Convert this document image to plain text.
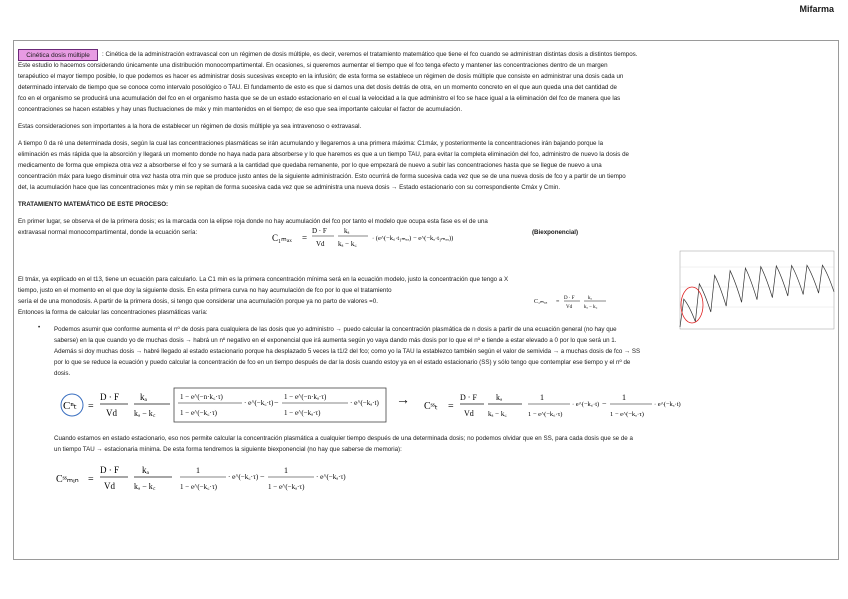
Mifarma
Cinética dosis múltiple	: Cinética de la administración extravascal con un régimen de dosis múltiple, es decir, veremos el tratamiento matemático que tiene el fco cuando se administran distintas dosis a distintos tiempos.
Este estudio lo hacemos considerando únicamente una distribución monocompartimental. En ocasiones, si queremos aumentar el tiempo que el fco tenga efecto y mantener las concentraciones dentro de un margen
terapéutico el mayor tiempo posible, lo que podemos es hacer es administrar dosis sucesivas excepto en la infusión; de esta forma se establece un régimen de dosis múltiple que consiste en administrar una dosis cada un
determinado intervalo de tiempo que se conoce como intervalo posológico o TAU. El fundamento de esto es que si damos una det dosis detrás de otra, en un momento concreto en el que aun queda una det cantidad de
fco en el organismo se producirá una acumulación del fco en el organismo hasta que se de un estado estacionario en el cual la velocidad a la que administro el fco se hace igual a la eliminación del fco de manera que las
concentraciones se hacen estables y hay unas fluctuaciones de máx y min mantenidos en el tiempo; de eso que sea importante calcular el factor de acumulación.
Estas consideraciones son importantes a la hora de establecer un régimen de dosis múltiple ya sea intravenoso o extravasal.
A tiempo 0 da ré una determinada dosis, según la cual las concentraciones plasmáticas se irán acumulando y llegaremos a una primera máxima: C1máx, y posteriormente la concentraciones irán bajando porque la
eliminación es más rápida que la absorción y llegará un momento donde no haya nada para absorberse y lo que haremos es que a un tiempo TAU, para evitar la completa eliminación del fco, administro de nuevo la dosis de
medicamento de forma que empieza otra vez a absorberse el fco y se sumará a la cantidad que quedaba remanente, por lo que empezará de nuevo a subir las concentraciones hasta que se llegue de nuevo a una
concentración máx para luego disminuir otra vez hasta otra min que se produce justo antes de la siguiente administración. Esto ocurrirá de forma sucesiva cada vez que se de una nueva dosis de fco y a partir de un tiempo
det, la acumulación hace que las concentraciones máx y min se repitan de forma sucesiva cada vez que se administra una nueva dosis → Estado estacionario con su correspondiente Cmáx y Cmin.
TRATAMIENTO MATEMÁTICO DE ESTE PROCESO:
En primer lugar, se observa el de la primera dosis; es la marcada con la elipse roja donde no hay acumulación del fco por tanto el modelo que ocupa esta fase es el de una
extravasal normal monocompartimental, donde la ecuación sería:
C₁ₘₐₓ =
D · F
Vd
kₐ
kₐ − k꜀
· (e^(−k꜀·t₁ₘₐₓ) − e^(−kₐ·t₁ₘₐₓ))
(Biexponencial)
El tmáx, ya explicado en el t13, tiene un ecuación para calcularlo. La C1 min es la primera concentración mínima será en la ecuación modelo, justo la concentración que tengo a X
tiempo, justo en el momento en el que doy la siguiente dosis. En esta primera curva no hay acumulación de fco por lo que el tratamiento
sería el de una monodosis. A partir de la primera dosis, si tengo que considerar una acumulación porque ya no parto de valores =0.
Entonces la forma de calcular las concentraciones plasmáticas varía:
C₁ₘₐₓ =
D · F
Vd
kₐ
kₐ − k꜀
• Podemos asumir que conforme aumenta el nº de dosis para cualquiera de las dosis que yo administro → puedo calcular la concentración plasmática de n dosis a partir de una ecuación general (no hay que
saberse) en la que cuando yo de muchas dosis → habrá un nº negativo en el exponencial que irá aumenta según yo vaya dando más dosis por lo que el nº e tiende a estar elevado a 0 por lo que será un 1.
Además si doy muchas dosis → habré llegado al estado estacionario porque ha desplazado 5 veces la t1/2 del fco; como yo la TAU la establezco también según el valor de semivida → a muchas dosis de fco → SS
por lo que se reduce la ecuación y puedo calcular la concentración de fco en un tiempo después de dar la dosis cuando estoy ya en el estado estacionario (SS) y sólo tengo que contemplar ese tiempo y el nº de
dosis.
Cⁿₜ =
D · F
Vd
kₐ
kₐ − k꜀
1 − e^(−n·k꜀·τ)
1 − e^(−k꜀·τ)
· e^(−k꜀·t) −
1 − e^(−n·kₐ·τ)
1 − e^(−kₐ·τ)
· e^(−kₐ·t) → Cˢˢₜ =
D · F
Vd
kₐ
kₐ − k꜀
1
1 − e^(−k꜀·τ)
· e^(−k꜀·t) −
1
1 − e^(−kₐ·τ)
· e^(−kₐ·t)
Cuando estamos en estado estacionario, eso nos permite calcular la concentración plasmática a cualquier tiempo después de una determinada dosis; no podemos olvidar que en SS, para cada dosis que se de a
un tiempo TAU → estacionaria mínima. De esta forma tendremos la siguiente biexponencial (no hay que saberse de memoria):
Cˢˢₘᵢₙ =
D · F
Vd
kₐ
kₐ − k꜀
1
1 − e^(−k꜀·τ)
· e^(−k꜀·τ) −
1
1 − e^(−kₐ·τ)
· e^(−kₐ·τ)
